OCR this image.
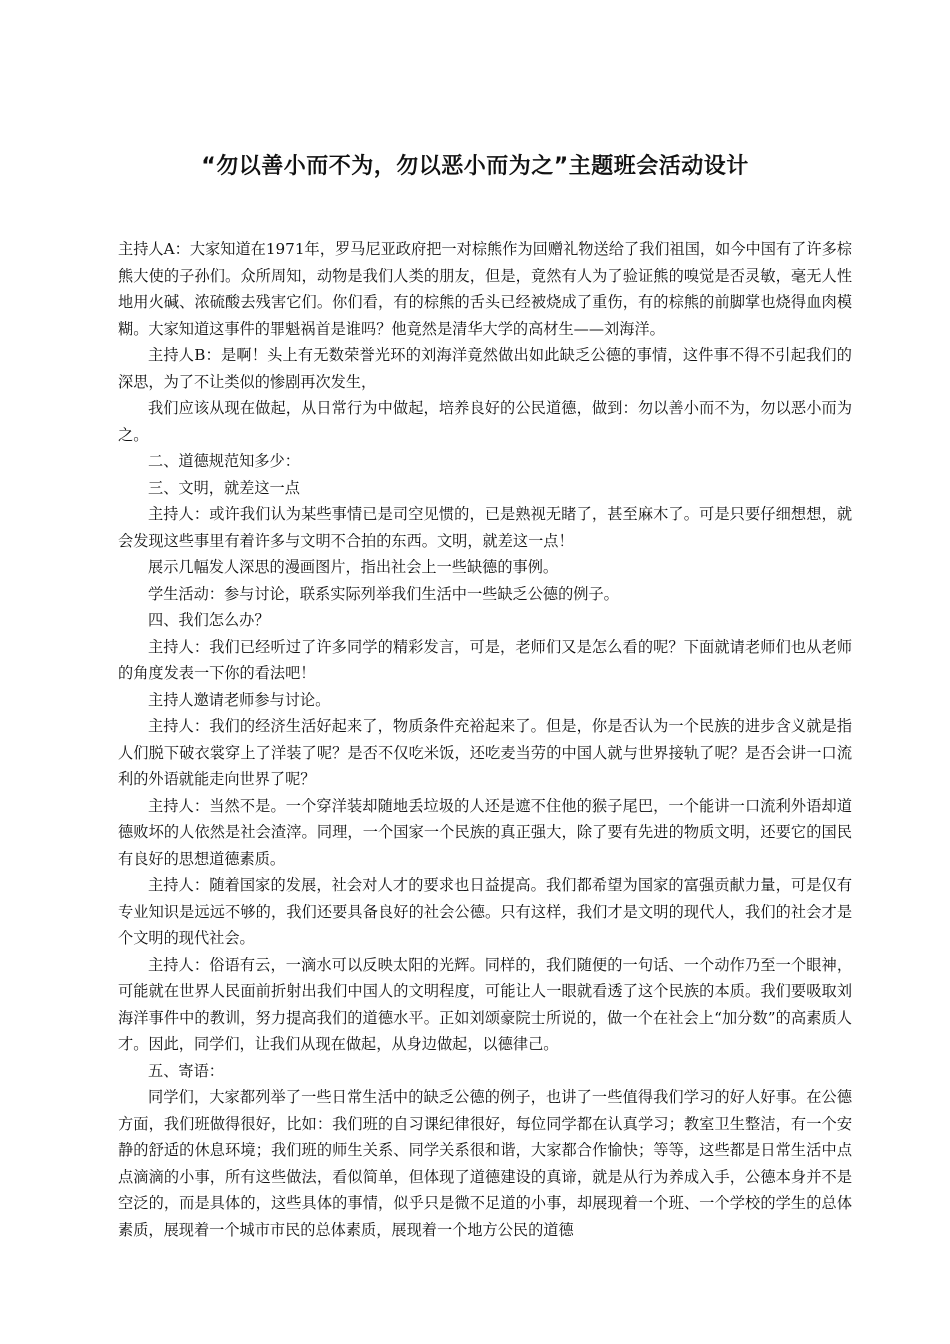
“勿以善小而不为，勿以恶小而为之”主题班会活动设计

主持人A：大家知道在1971年，罗马尼亚政府把一对棕熊作为回赠礼物送给了我们祖国，如今中国有了许多棕熊大使的子孙们。众所周知，动物是我们人类的朋友，但是，竟然有人为了验证熊的嗅觉是否灵敏，毫无人性地用火碱、浓硫酸去残害它们。你们看，有的棕熊的舌头已经被烧成了重伤，有的棕熊的前脚掌也烧得血肉模糊。大家知道这事件的罪魁祸首是谁吗？他竟然是清华大学的高材生——刘海洋。

主持人B：是啊！头上有无数荣誉光环的刘海洋竟然做出如此缺乏公德的事情，这件事不得不引起我们的深思，为了不让类似的惨剧再次发生，

我们应该从现在做起，从日常行为中做起，培养良好的公民道德，做到：勿以善小而不为，勿以恶小而为之。

二、道德规范知多少：

三、文明，就差这一点

主持人：或许我们认为某些事情已是司空见惯的，已是熟视无睹了，甚至麻木了。可是只要仔细想想，就会发现这些事里有着许多与文明不合拍的东西。文明，就差这一点！

展示几幅发人深思的漫画图片，指出社会上一些缺德的事例。

学生活动：参与讨论，联系实际列举我们生活中一些缺乏公德的例子。

四、我们怎么办？

主持人：我们已经听过了许多同学的精彩发言，可是，老师们又是怎么看的呢？下面就请老师们也从老师的角度发表一下你的看法吧！

主持人邀请老师参与讨论。

主持人：我们的经济生活好起来了，物质条件充裕起来了。但是，你是否认为一个民族的进步含义就是指人们脱下破衣裳穿上了洋装了呢？是否不仅吃米饭，还吃麦当劳的中国人就与世界接轨了呢？是否会讲一口流利的外语就能走向世界了呢？

主持人：当然不是。一个穿洋装却随地丢垃圾的人还是遮不住他的猴子尾巴，一个能讲一口流利外语却道德败坏的人依然是社会渣滓。同理，一个国家一个民族的真正强大，除了要有先进的物质文明，还要它的国民有良好的思想道德素质。

主持人：随着国家的发展，社会对人才的要求也日益提高。我们都希望为国家的富强贡献力量，可是仅有专业知识是远远不够的，我们还要具备良好的社会公德。只有这样，我们才是文明的现代人，我们的社会才是个文明的现代社会。

主持人：俗语有云，一滴水可以反映太阳的光辉。同样的，我们随便的一句话、一个动作乃至一个眼神，可能就在世界人民面前折射出我们中国人的文明程度，可能让人一眼就看透了这个民族的本质。我们要吸取刘海洋事件中的教训，努力提高我们的道德水平。正如刘颂豪院士所说的，做一个在社会上“加分数”的高素质人才。因此，同学们，让我们从现在做起，从身边做起，以德律己。

五、寄语：

同学们，大家都列举了一些日常生活中的缺乏公德的例子，也讲了一些值得我们学习的好人好事。在公德方面，我们班做得很好，比如：我们班的自习课纪律很好，每位同学都在认真学习；教室卫生整洁，有一个安静的舒适的休息环境；我们班的师生关系、同学关系很和谐，大家都合作愉快；等等，这些都是日常生活中点点滴滴的小事，所有这些做法，看似简单，但体现了道德建设的真谛，就是从行为养成入手，公德本身并不是空泛的，而是具体的，这些具体的事情，似乎只是微不足道的小事，却展现着一个班、一个学校的学生的总体素质，展现着一个城市市民的总体素质，展现着一个地方公民的道德
